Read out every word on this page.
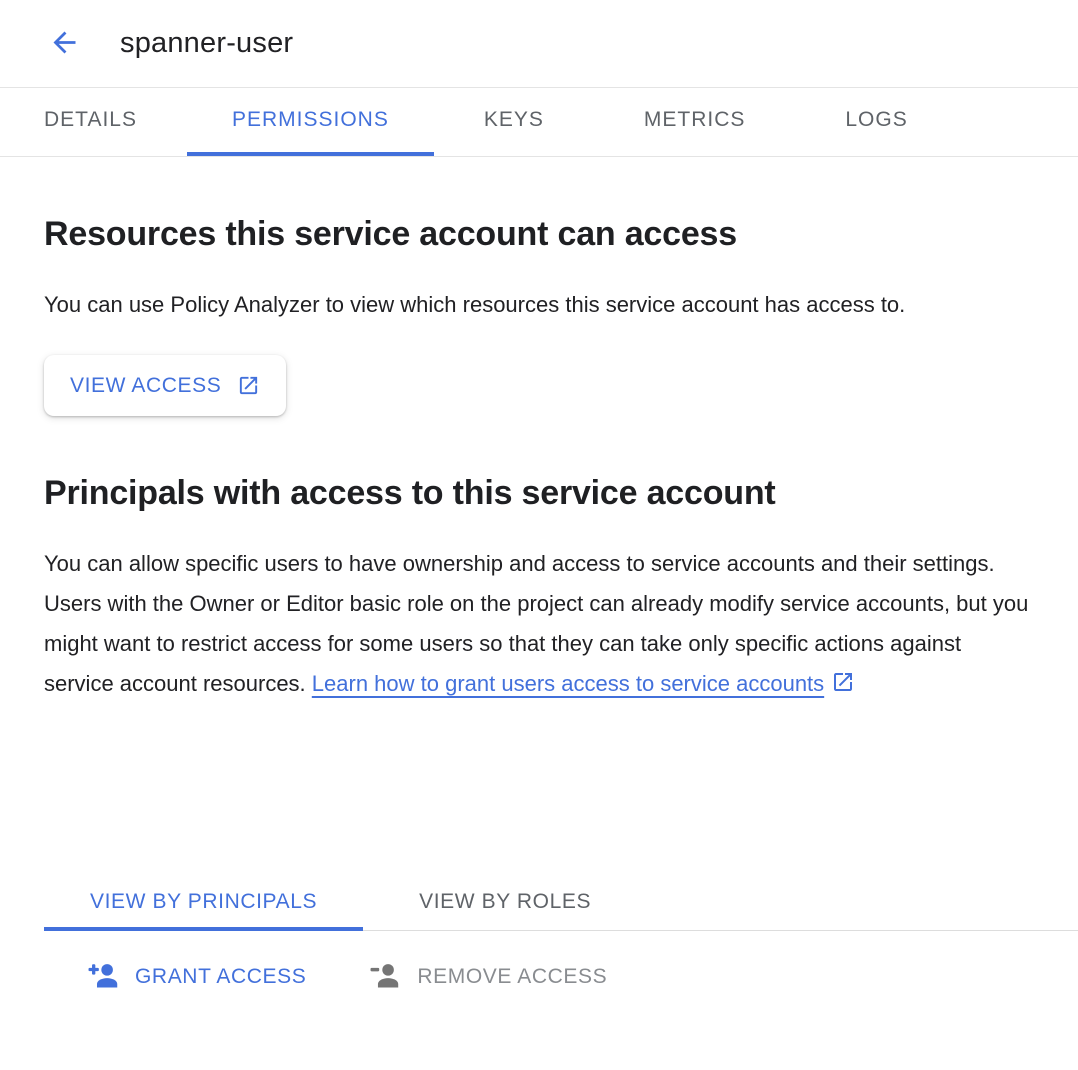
spanner-user
DETAILS	PERMISSIONS	KEYS	METRICS	LOGS
Resources this service account can access

You can use Policy Analyzer to view which resources this service account has access to.

VIEW ACCESS
Principals with access to this service account

You can allow specific users to have ownership and access to service accounts and their settings. Users with the Owner or Editor basic role on the project can already modify service accounts, but you might want to restrict access for some users so that they can take only specific actions against service account resources. Learn how to grant users access to service accounts

VIEW BY PRINCIPALS	VIEW BY ROLES
GRANT ACCESS	REMOVE ACCESS
